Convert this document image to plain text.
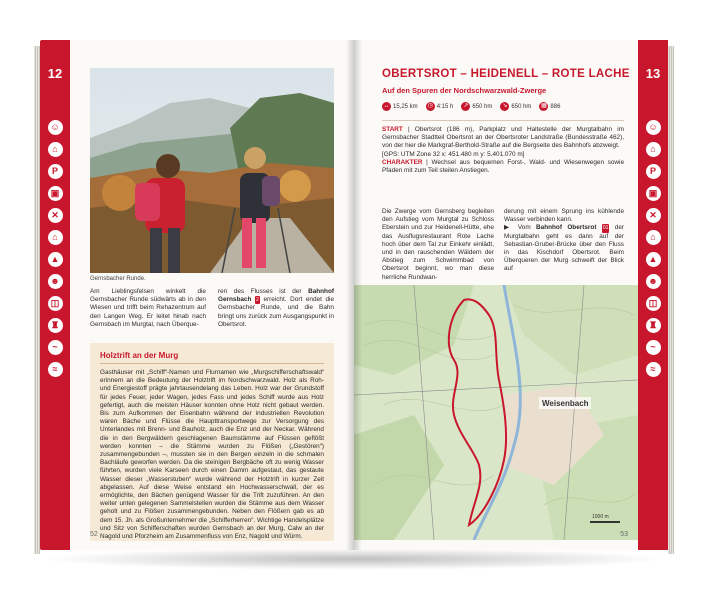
12
☺
⌂
P
▣
✕
⌂
▲
☻
◫
♜
~
≈
Gernsbacher Runde.
Am Lieblingsfelsen winkelt die Gernsbacher Runde südwärts ab in den Wiesen und trifft beim Rehazentrum auf den Langen Weg. Er leitet hinab nach Gernsbach im Murgtal, nach Überque-
ren des Flusses ist der Bahnhof Gernsbach 2 erreicht. Dort endet die Gernsbacher Runde, und die Bahn bringt uns zurück zum Ausgangspunkt in Obertsrot.
Holztrift an der Murg
Gasthäuser mit „Schiff“-Namen und Flurnamen wie „Murgschifferschaftswald“ erinnern an die Bedeutung der Holztrift im Nordschwarzwald. Holz als Roh- und Energiestoff prägte jahrtausendelang das Leben. Holz war der Grundstoff für jedes Feuer, jeder Wagen, jedes Fass und jedes Schiff wurde aus Holz gefertigt, auch die meisten Häuser konnten ohne Holz nicht gebaut werden. Bis zum Aufkommen der Eisenbahn während der industriellen Revolution waren Bäche und Flüsse die Haupttransportwege zur Versorgung des Unterlandes mit Brenn- und Bauholz, auch die Enz und der Neckar. Während die in den Bergwäldern geschlagenen Baumstämme auf Flüssen geflößt werden konnten – die Stämme wurden zu Flößen („Gestören“) zusammengebunden –, mussten sie in den Bergen einzeln in die schmalen Bachläufe geworfen werden. Da die steinigen Bergbäche oft zu wenig Wasser führten, wurden viele Karseen durch einen Damm aufgestaut, das gestaute Wasser dieser „Wasserstuben“ wurde während der Holztrift in kurzer Zeit abgelassen. Auf diese Weise entstand ein Hochwasserschwall, der es ermöglichte, den Bächen genügend Wasser für die Trift zuzuführen. An den weiter unten gelegenen Sammelstellen wurden die Stämme aus dem Wasser geholt und zu Flößen zusammengebunden. Neben den Flößern gab es ab dem 15. Jh. als Großunternehmer die „Schifferherren“. Wichtige Handelsplätze und Sitz von Schifferschaften wurden Gernsbach an der Murg, Calw an der Nagold und Pforzheim am Zusammenfluss von Enz, Nagold und Würm.
52
13
☺
⌂
P
▣
✕
⌂
▲
☻
◫
♜
~
≈
OBERTSROT – HEIDENELL – ROTE LACHE
Auf den Spuren der Nordschwarzwald-Zwerge
↔ 15,25 km	◷ 4:15 h	↗ 650 hm	↘ 650 hm ▦ 886
START | Obertsrot (186 m), Parkplatz und Haltestelle der Murgtalbahn im Gernsbacher Stadtteil Obertsrot an der Obertsroter Landstraße (Bundesstraße 462), von der hier die Markgraf-Berthold-Straße auf die Bergseite des Bahnhofs abzweigt.
[GPS: UTM Zone 32 x: 451.480 m y: 5.401.070 m]
CHARAKTER | Wechsel aus bequemen Forst-, Wald- und Wiesenwegen sowie Pfaden mit zum Teil steilen Anstiegen.
Die Zwerge vom Gernsberg begleiten den Aufstieg vom Murgtal zu Schloss Eberstein und zur Heidenell-Hütte, ehe das Ausflugsrestaurant Rote Lache hoch über dem Tal zur Einkehr einlädt, und in den rauschenden Wäldern der Abstieg zum Schwimmbad von Obertsrot beginnt, wo man diese herrliche Rundwan-
derung mit einem Sprung ins kühlende Wasser verbinden kann.
▶ Vom Bahnhof Obertsrot 01 der Murgtalbahn geht es dann auf der Sebastian-Gruber-Brücke über den Fluss in das Kischdorf Obertsrot. Beim Überqueren der Murg schweift der Blick auf
Weisenbach
1000 m
53
